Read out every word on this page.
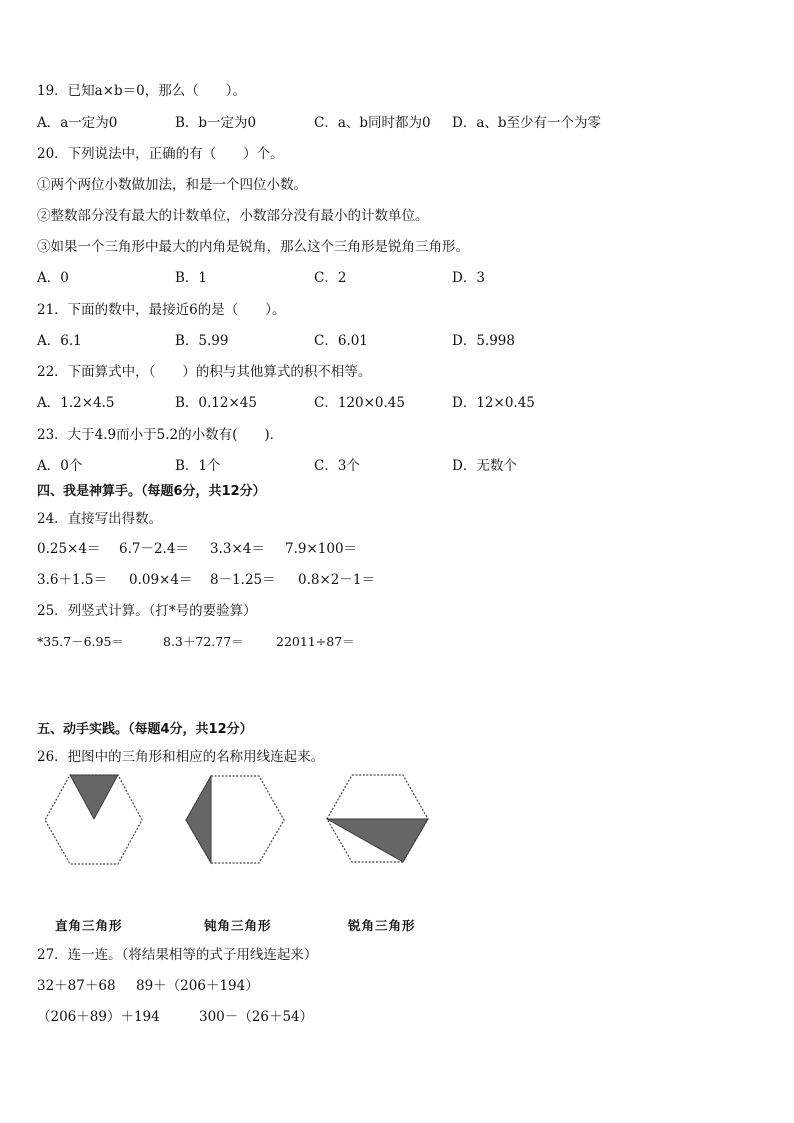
19．已知a×b＝0，那么（　　）。
A．a一定为0	B．b一定为0	C．a、b同时都为0 D．a、b至少有一个为零
20．下列说法中，正确的有（　　）个。
①两个两位小数做加法，和是一个四位小数。
②整数部分没有最大的计数单位，小数部分没有最小的计数单位。
③如果一个三角形中最大的内角是锐角，那么这个三角形是锐角三角形。
A．0	B．1	C．2	D．3
21．下面的数中，最接近6的是（　　）。
A．6.1	B．5.99	C．6.01	D．5.998
22．下面算式中，（　　）的积与其他算式的积不相等。
A．1.2×4.5	B．0.12×45	C．120×0.45	D．12×0.45
23．大于4.9而小于5.2的小数有(　　)．
A．0个	B．1个	C．3个	D．无数个
四、我是神算手。（每题6分，共12分）
24．直接写出得数。
0.25×4＝ 6.7－2.4＝ 3.3×4＝ 7.9×100＝
3.6＋1.5＝ 0.09×4＝ 8－1.25＝ 0.8×2－1＝
25．列竖式计算。（打*号的要验算）
*35.7－6.95＝	8.3＋72.77＝	22011÷87＝
五、动手实践。（每题4分，共12分）
26．把图中的三角形和相应的名称用线连起来。
直角三角形	钝角三角形	锐角三角形
27．连一连。（将结果相等的式子用线连起来）
32＋87＋68 89＋（206＋194）
（206＋89）＋194	300－（26＋54）
